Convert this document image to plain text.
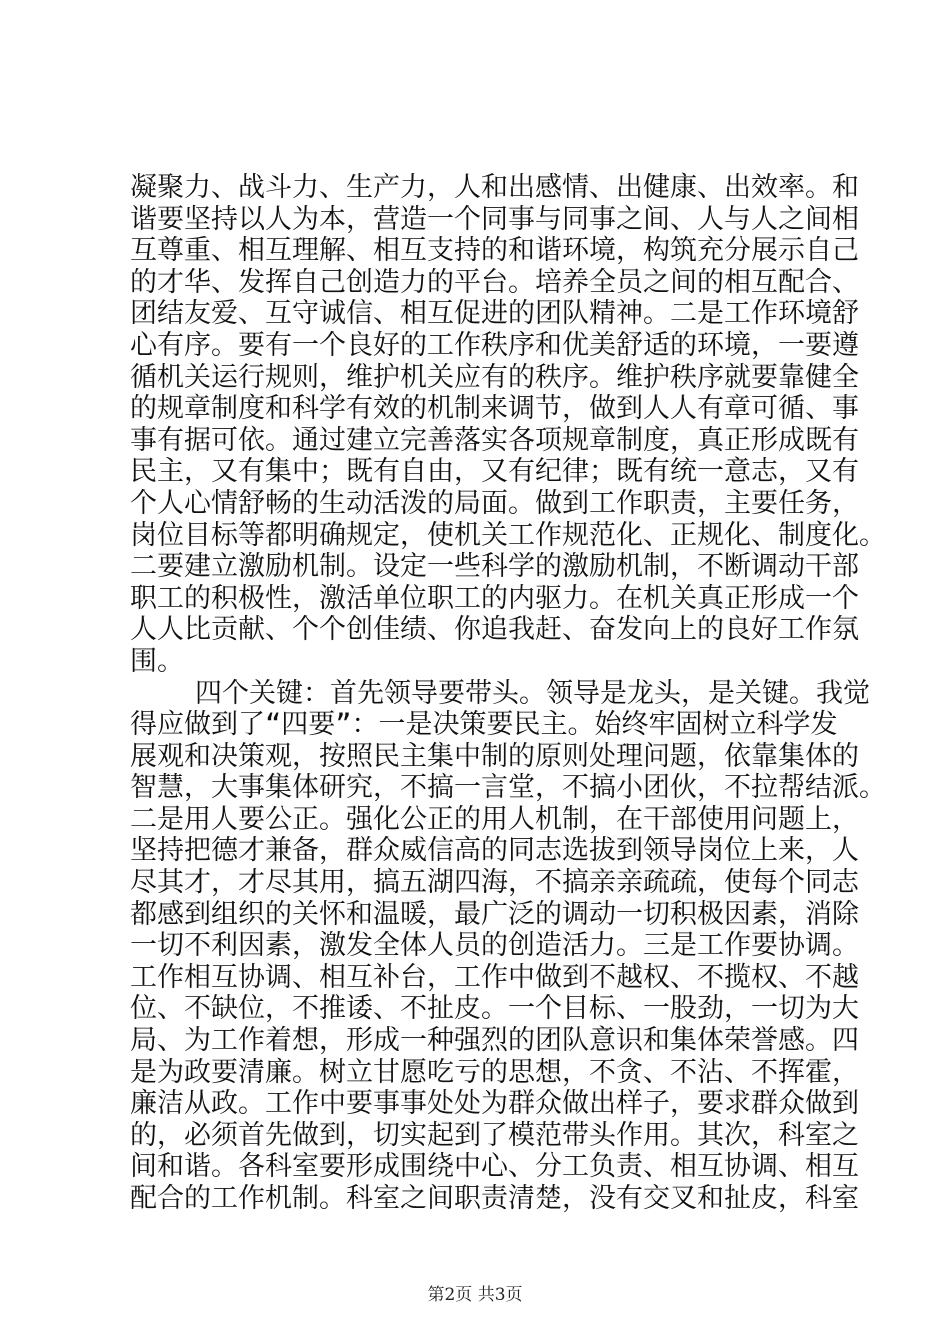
凝聚力、战斗力、生产力，人和出感情、出健康、出效率。和
谐要坚持以人为本，营造一个同事与同事之间、人与人之间相
互尊重、相互理解、相互支持的和谐环境，构筑充分展示自己
的才华、发挥自己创造力的平台。培养全员之间的相互配合、
团结友爱、互守诚信、相互促进的团队精神。二是工作环境舒
心有序。要有一个良好的工作秩序和优美舒适的环境，一要遵
循机关运行规则，维护机关应有的秩序。维护秩序就要靠健全
的规章制度和科学有效的机制来调节，做到人人有章可循、事
事有据可依。通过建立完善落实各项规章制度，真正形成既有
民主，又有集中；既有自由，又有纪律；既有统一意志，又有
个人心情舒畅的生动活泼的局面。做到工作职责，主要任务，
岗位目标等都明确规定，使机关工作规范化、正规化、制度化。
二要建立激励机制。设定一些科学的激励机制，不断调动干部
职工的积极性，激活单位职工的内驱力。在机关真正形成一个
人人比贡献、个个创佳绩、你追我赶、奋发向上的良好工作氛
围。
四个关键：首先领导要带头。领导是龙头，是关键。我觉
得应做到了“四要”：一是决策要民主。始终牢固树立科学发
展观和决策观，按照民主集中制的原则处理问题，依靠集体的
智慧，大事集体研究，不搞一言堂，不搞小团伙，不拉帮结派。
二是用人要公正。强化公正的用人机制，在干部使用问题上，
坚持把德才兼备，群众威信高的同志选拔到领导岗位上来，人
尽其才，才尽其用，搞五湖四海，不搞亲亲疏疏，使每个同志
都感到组织的关怀和温暖，最广泛的调动一切积极因素，消除
一切不利因素，激发全体人员的创造活力。三是工作要协调。
工作相互协调、相互补台，工作中做到不越权、不揽权、不越
位、不缺位，不推诿、不扯皮。一个目标、一股劲，一切为大
局、为工作着想，形成一种强烈的团队意识和集体荣誉感。四
是为政要清廉。树立甘愿吃亏的思想，不贪、不沾、不挥霍，
廉洁从政。工作中要事事处处为群众做出样子，要求群众做到
的，必须首先做到，切实起到了模范带头作用。其次，科室之
间和谐。各科室要形成围绕中心、分工负责、相互协调、相互
配合的工作机制。科室之间职责清楚，没有交叉和扯皮，科室
第2页 共3页
